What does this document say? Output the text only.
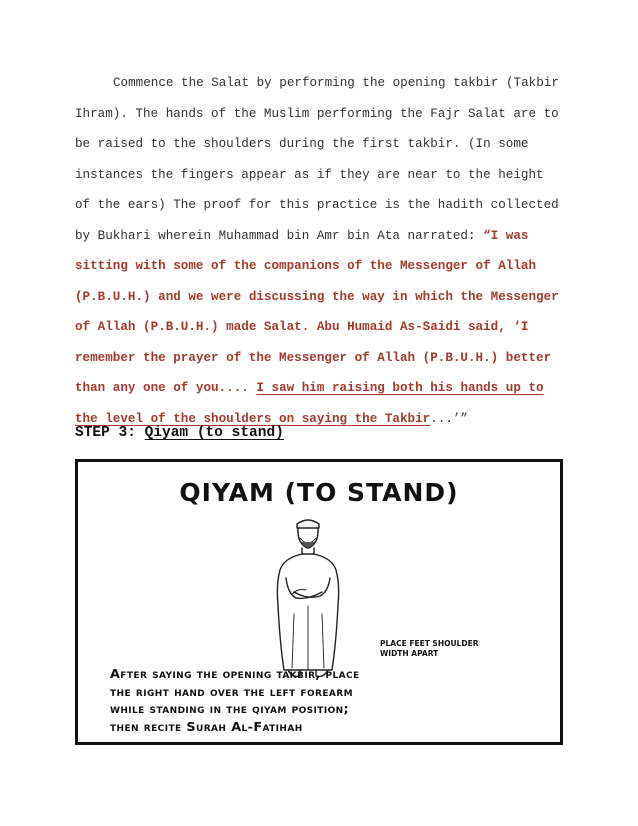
Commence the Salat by performing the opening takbir (Takbir
Ihram). The hands of the Muslim performing the Fajr Salat are to
be raised to the shoulders during the first takbir. (In some
instances the fingers appear as if they are near to the height
of the ears) The proof for this practice is the hadith collected
by Bukhari wherein Muhammad bin Amr bin Ata narrated: “I was
sitting with some of the companions of the Messenger of Allah
(P.B.U.H.) and we were discussing the way in which the Messenger
of Allah (P.B.U.H.) made Salat. Abu Humaid As-Saidi said, ‘I
remember the prayer of the Messenger of Allah (P.B.U.H.) better
than any one of you.... I saw him raising both his hands up to
the level of the shoulders on saying the Takbir...’”
STEP 3: Qiyam (to stand)
QIYAM (TO STAND)
PLACE FEET SHOULDER
WIDTH APART
After saying the opening takbir, place
the right hand over the left forearm
while standing in the qiyam position;
then recite Surah Al-Fatihah
